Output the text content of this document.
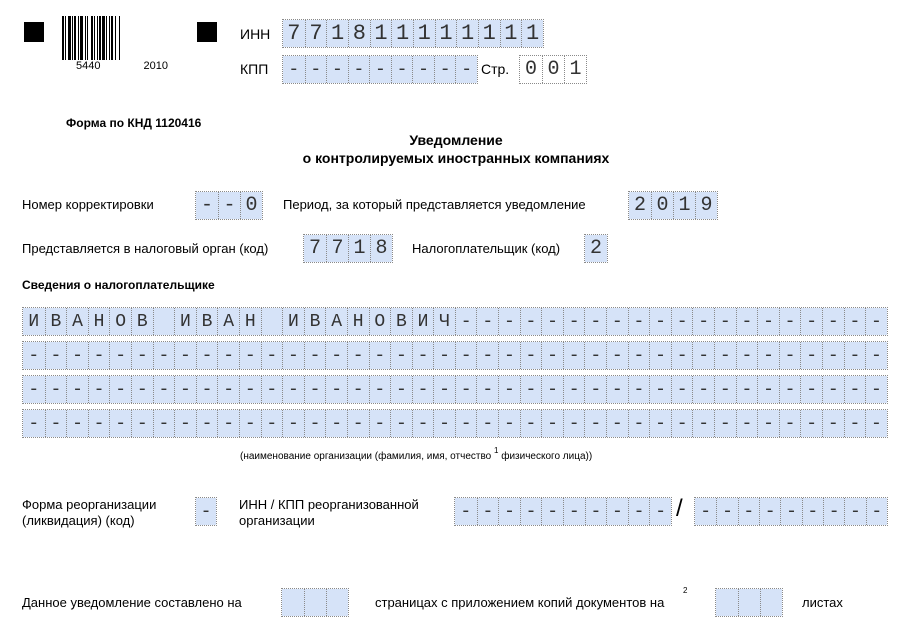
5440	2010
ИНН 7 7 1 8 1 1 1 1 1 1 1 1
КПП - - - - - - - - - Стр. 0 0 1
Форма по КНД 1120416
Уведомление
о контролируемых иностранных компаниях
Номер корректировки - - 0	Период, за который представляется уведомление 2 0 1 9
Представляется в налоговый орган (код) 7 7 1 8	Налогоплательщик (код) 2
Сведения о налогоплательщике
И В А Н О В	И В А Н	И В А Н О В И Ч - - - - - - - - - - - - - - - - - - - -
- - - - - - - - - - - - - - - - - - - - - - - - - - - - - - - - - - - - - - - -
- - - - - - - - - - - - - - - - - - - - - - - - - - - - - - - - - - - - - - - -
- - - - - - - - - - - - - - - - - - - - - - - - - - - - - - - - - - - - - - - -
(наименование организации (фамилия, имя, отчество $^1$ физического лица))
Форма реорганизации
(ликвидация) (код)	-	ИНН / КПП реорганизованной
организации	- - - - - - - - - - / - - - - - - - - -
Данное уведомление составлено на	страницах с приложением копий документов на
2
листах
